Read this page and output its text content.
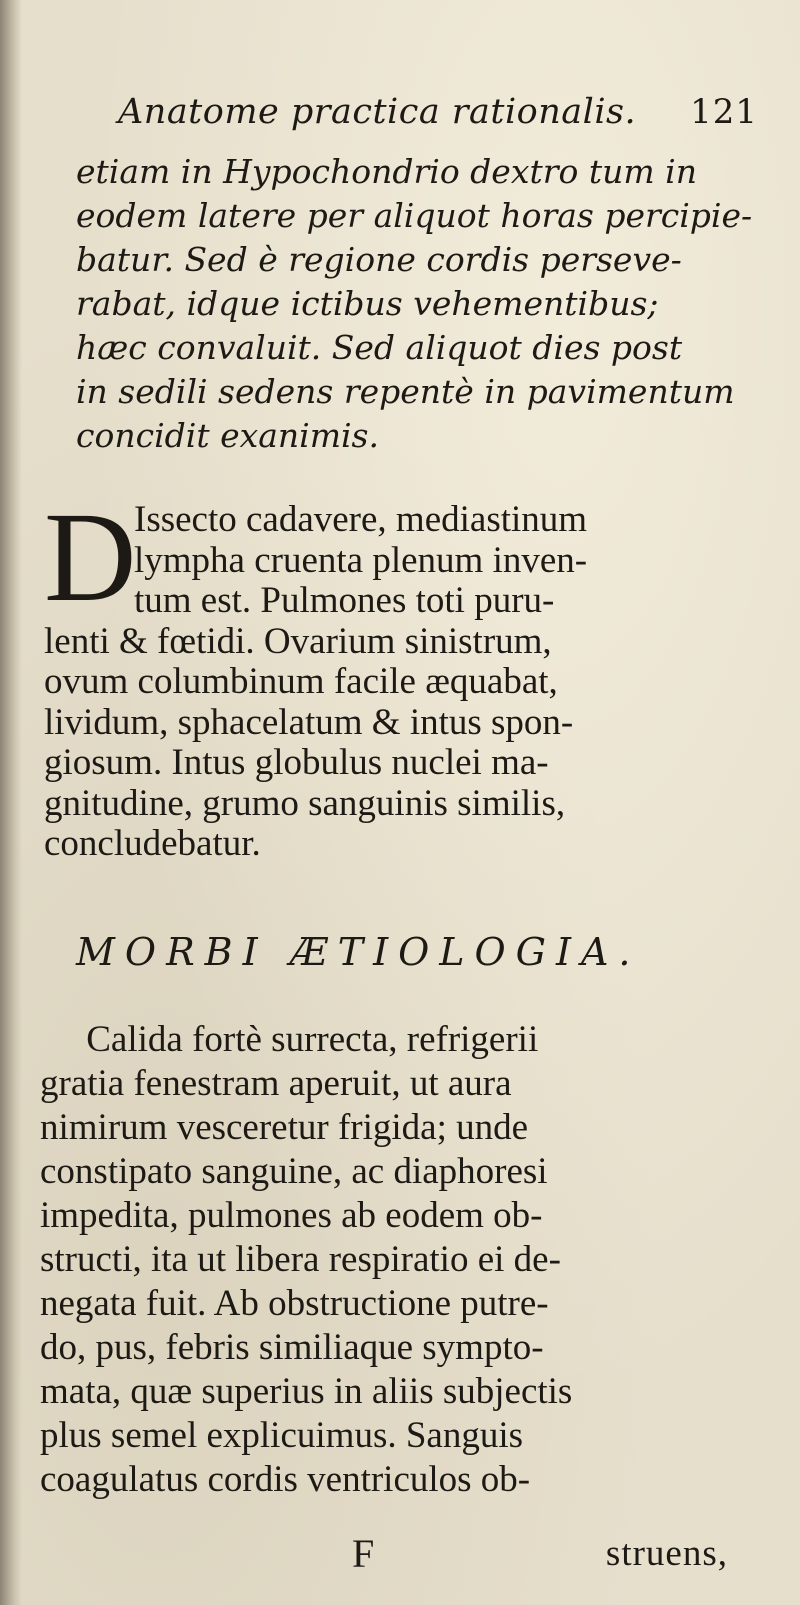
Anatome practica rationalis. 121
etiam in Hypochondrio dextro tum in
eodem latere per aliquot horas percipie-
batur. Sed è regione cordis perseve-
rabat, idque ictibus vehementibus;
hæc convaluit. Sed aliquot dies post
in sedili sedens repentè in pavimentum
concidit exanimis.
D
Issecto cadavere, mediastinum
lympha cruenta plenum inven-
tum est. Pulmones toti puru-
lenti & fœtidi. Ovarium sinistrum,
ovum columbinum facile æquabat,
lividum, sphacelatum & intus spon-
giosum. Intus globulus nuclei ma-
gnitudine, grumo sanguinis similis,
concludebatur.
MORBI ÆTIOLOGIA.
Calida fortè surrecta, refrigerii
gratia fenestram aperuit, ut aura
nimirum vesceretur frigida; unde
constipato sanguine, ac diaphoresi
impedita, pulmones ab eodem ob-
structi, ita ut libera respiratio ei de-
negata fuit. Ab obstructione putre-
do, pus, febris similiaque sympto-
mata, quæ superius in aliis subjectis
plus semel explicuimus. Sanguis
coagulatus cordis ventriculos ob-
F	struens,
